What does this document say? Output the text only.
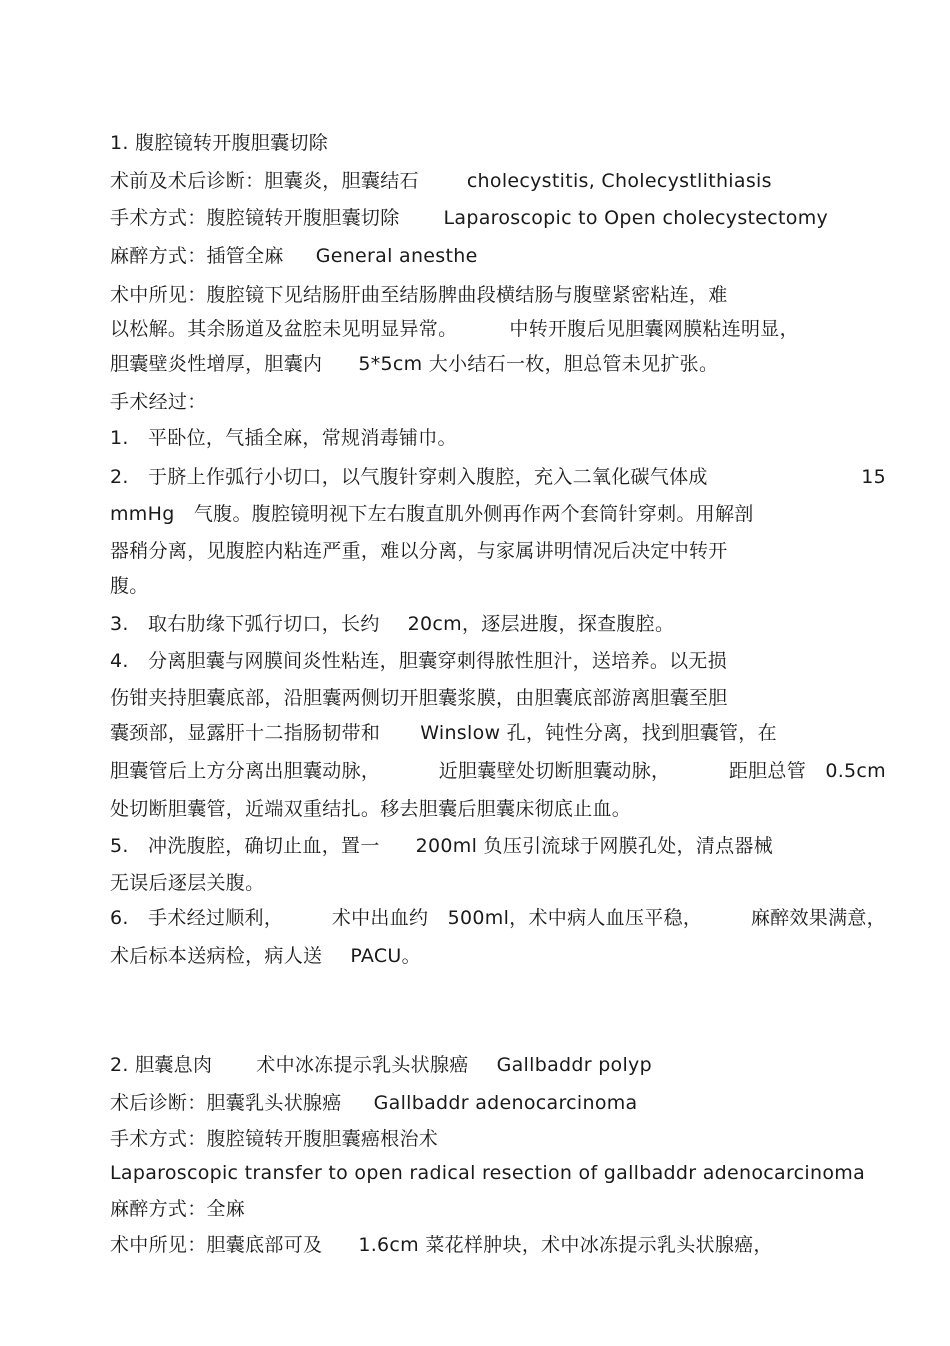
1. 腹腔镜转开腹胆囊切除
术前及术后诊断：胆囊炎，胆囊结石	cholecystitis, Cholecystlithiasis
手术方式：腹腔镜转开腹胆囊切除 Laparoscopic to Open cholecystectomy
麻醉方式：插管全麻 General anesthe
术中所见：腹腔镜下见结肠肝曲至结肠脾曲段横结肠与腹壁紧密粘连，难
以松解。其余肠道及盆腔未见明显异常。	中转开腹后见胆囊网膜粘连明显，
胆囊壁炎性增厚，胆囊内 5*5cm 大小结石一枚，胆总管未见扩张。
手术经过：
1.　平卧位，气插全麻，常规消毒铺巾。
2.　于脐上作弧行小切口，以气腹针穿刺入腹腔，充入二氧化碳气体成	15
mmHg　气腹。腹腔镜明视下左右腹直肌外侧再作两个套筒针穿刺。用解剖
器稍分离，见腹腔内粘连严重，难以分离，与家属讲明情况后决定中转开
腹。
3.　取右肋缘下弧行切口，长约 20cm，逐层进腹，探查腹腔。
4.　分离胆囊与网膜间炎性粘连，胆囊穿刺得脓性胆汁，送培养。以无损
伤钳夹持胆囊底部，沿胆囊两侧切开胆囊浆膜，由胆囊底部游离胆囊至胆
囊颈部，显露肝十二指肠韧带和 Winslow 孔，钝性分离，找到胆囊管，在
胆囊管后上方分离出胆囊动脉，	近胆囊壁处切断胆囊动脉，	距胆总管　0.5cm
处切断胆囊管，近端双重结扎。移去胆囊后胆囊床彻底止血。
5.　冲洗腹腔，确切止血，置一 200ml 负压引流球于网膜孔处，清点器械
无误后逐层关腹。
6.　手术经过顺利，	术中出血约　500ml，术中病人血压平稳，	麻醉效果满意，
术后标本送病检，病人送 PACU。
2. 胆囊息肉 术中冰冻提示乳头状腺癌 Gallbaddr polyp
术后诊断：胆囊乳头状腺癌 Gallbaddr adenocarcinoma
手术方式：腹腔镜转开腹胆囊癌根治术
Laparoscopic transfer to open radical resection of gallbaddr adenocarcinoma
麻醉方式：全麻
术中所见：胆囊底部可及 1.6cm 菜花样肿块，术中冰冻提示乳头状腺癌，
